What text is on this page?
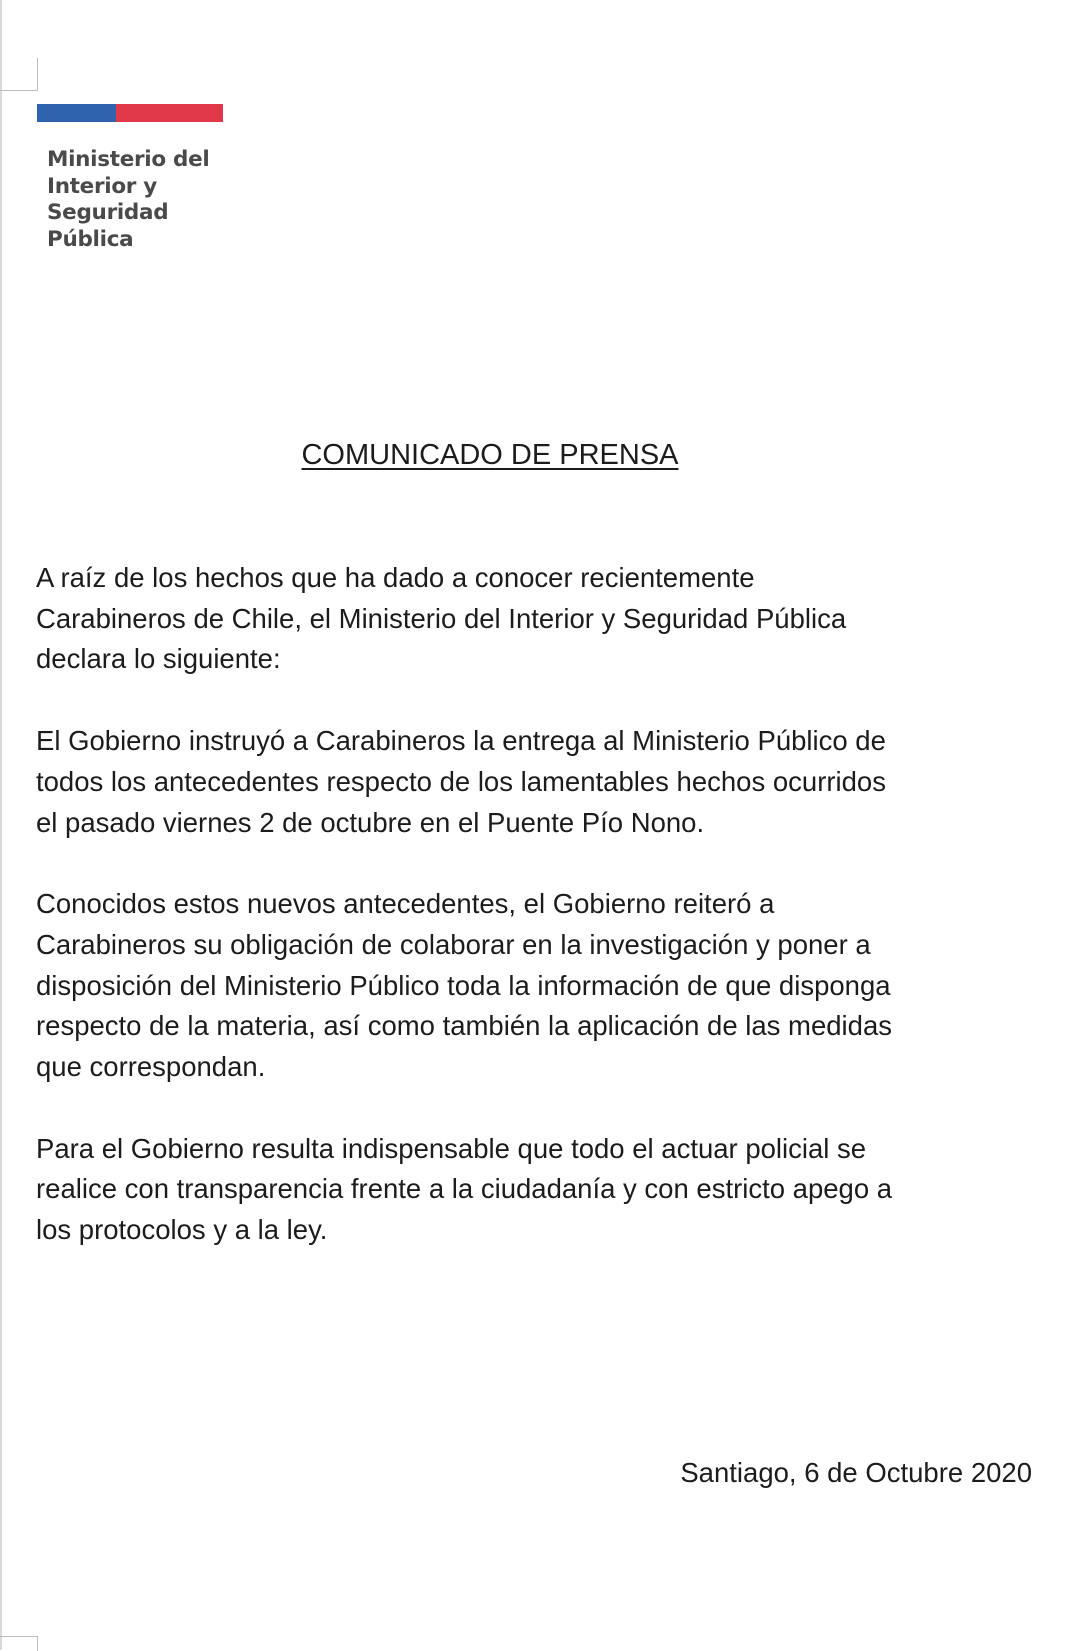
Ministerio del
Interior y
Seguridad
Pública
COMUNICADO DE PRENSA

A raíz de los hechos que ha dado a conocer recientemente
Carabineros de Chile, el Ministerio del Interior y Seguridad Pública
declara lo siguiente:

El Gobierno instruyó a Carabineros la entrega al Ministerio Público de
todos los antecedentes respecto de los lamentables hechos ocurridos
el pasado viernes 2 de octubre en el Puente Pío Nono.

Conocidos estos nuevos antecedentes, el Gobierno reiteró a
Carabineros su obligación de colaborar en la investigación y poner a
disposición del Ministerio Público toda la información de que disponga
respecto de la materia, así como también la aplicación de las medidas
que correspondan.

Para el Gobierno resulta indispensable que todo el actuar policial se
realice con transparencia frente a la ciudadanía y con estricto apego a
los protocolos y a la ley.

Santiago, 6 de Octubre 2020
